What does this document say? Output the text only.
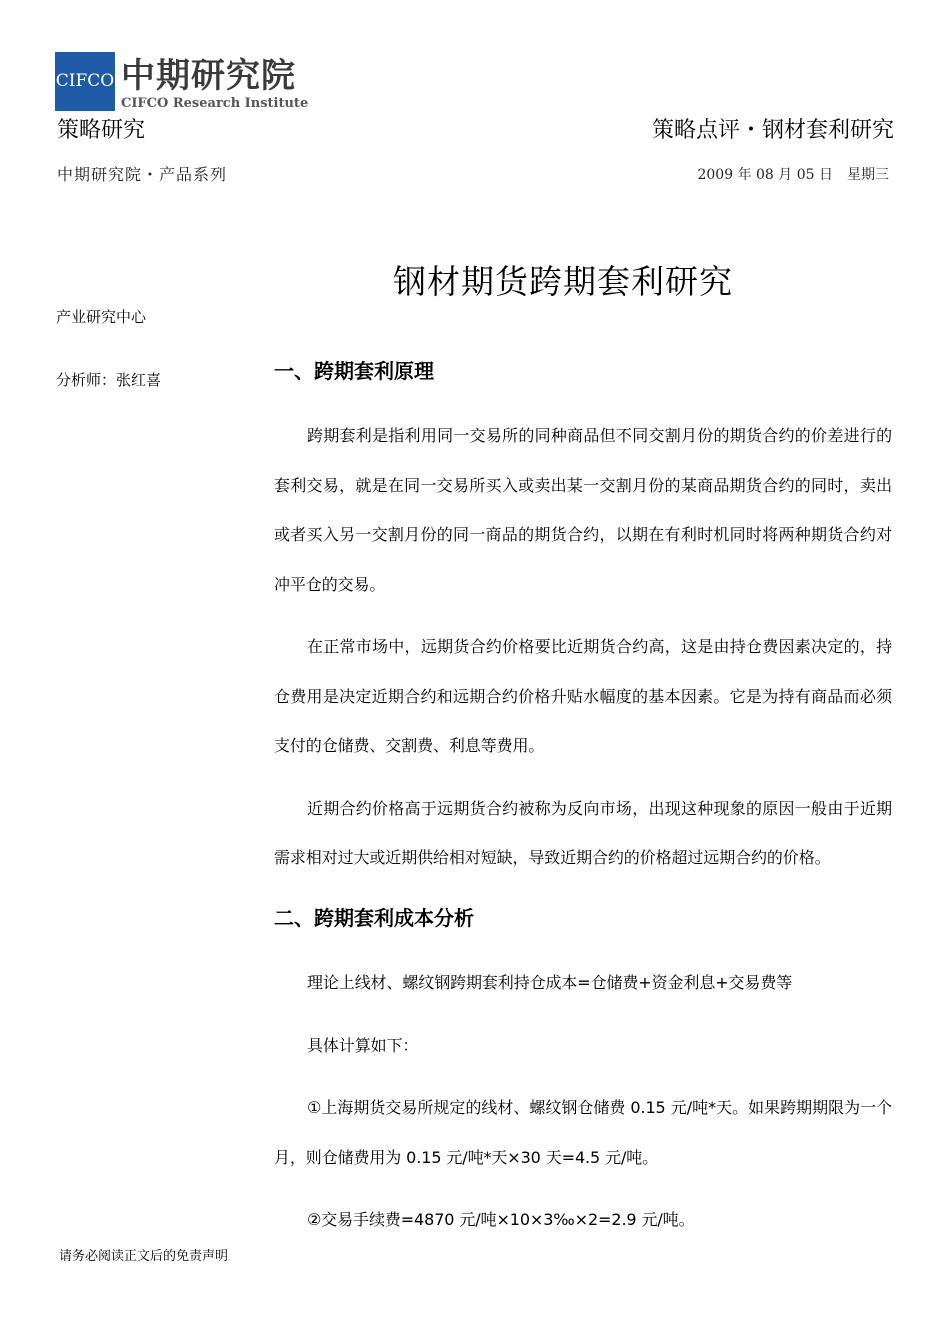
CIFCO 中期研究院
CIFCO Research Institute
策略研究	策略点评・钢材套利研究
中期研究院・产品系列	2009 年 08 月 05 日　星期三
钢材期货跨期套利研究
产业研究中心
分析师：张红喜	一、跨期套利原理

跨期套利是指利用同一交易所的同种商品但不同交割月份的期货合约的价差进行的套利交易，就是在同一交易所买入或卖出某一交割月份的某商品期货合约的同时，卖出或者买入另一交割月份的同一商品的期货合约，以期在有利时机同时将两种期货合约对冲平仓的交易。

在正常市场中，远期货合约价格要比近期货合约高，这是由持仓费因素决定的，持仓费用是决定近期合约和远期合约价格升贴水幅度的基本因素。它是为持有商品而必须支付的仓储费、交割费、利息等费用。

近期合约价格高于远期货合约被称为反向市场，出现这种现象的原因一般由于近期需求相对过大或近期供给相对短缺，导致近期合约的价格超过远期合约的价格。

二、跨期套利成本分析

理论上线材、螺纹钢跨期套利持仓成本=仓储费+资金利息+交易费等

具体计算如下：

①上海期货交易所规定的线材、螺纹钢仓储费 0.15 元/吨*天。如果跨期期限为一个月，则仓储费用为 0.15 元/吨*天×30 天=4.5 元/吨。

②交易手续费=4870 元/吨×10×3‰×2=2.9 元/吨。

请务必阅读正文后的免责声明
